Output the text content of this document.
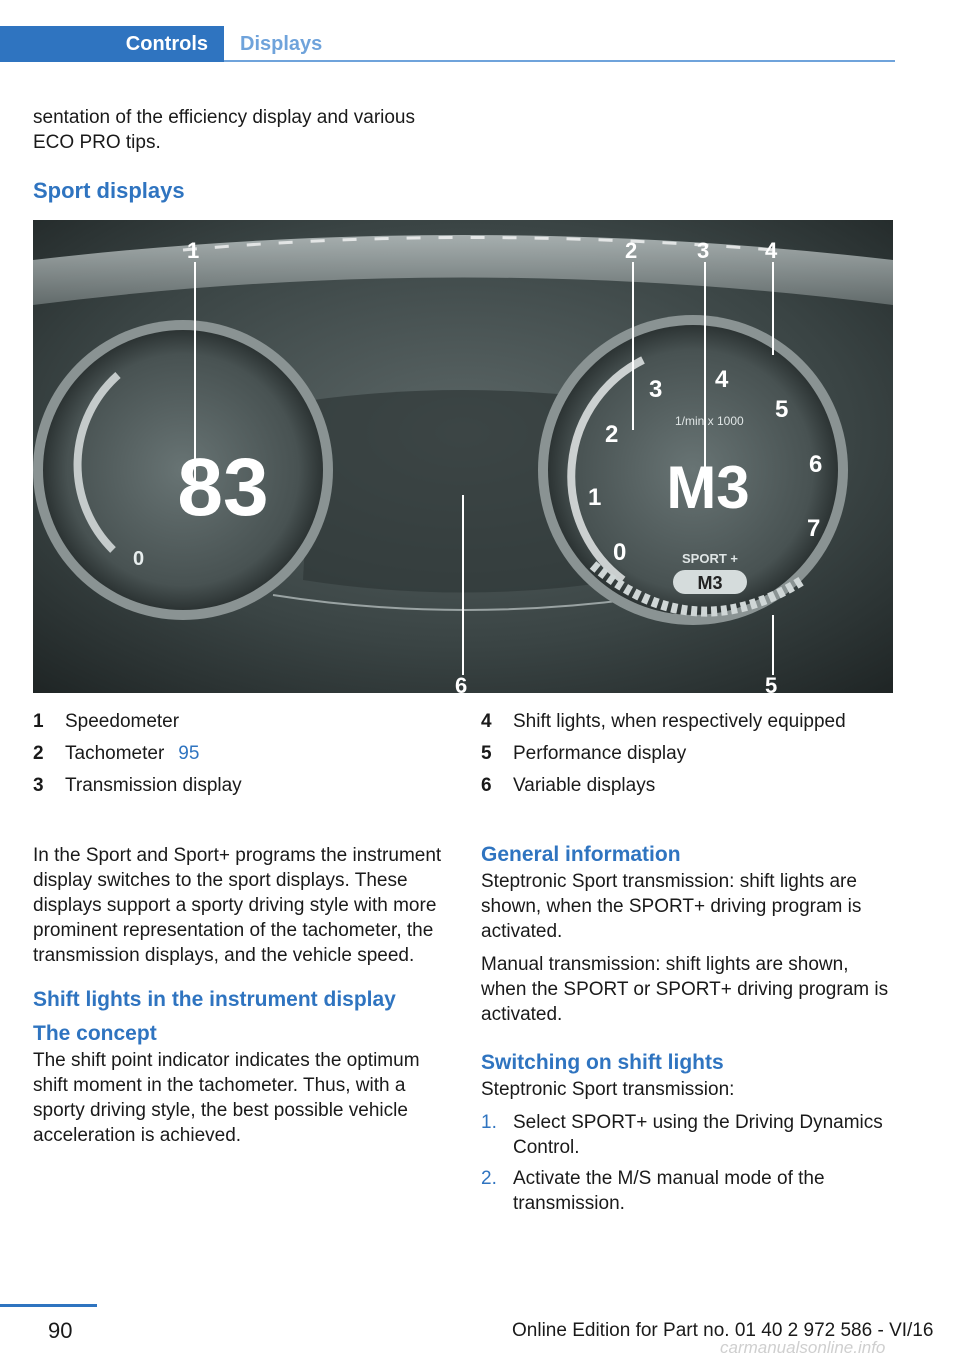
Controls	Displays

sentation of the efficiency display and various ECO PRO tips.

Sport displays
0
83
0
1
2
3 4
5
6
7
1/min x 1000
M3
SPORT +
M3
1	2	3	4
5
6
1	Speedometer
2	Tachometer 95
3	Transmission display
4	Shift lights, when respectively equipped
5	Performance display
6	Variable displays

In the Sport and Sport+ programs the instrument display switches to the sport displays. These displays support a sporty driving style with more prominent representation of the tachometer, the transmission displays, and the vehicle speed.

Shift lights in the instrument display
The concept

The shift point indicator indicates the optimum shift moment in the tachometer. Thus, with a sporty driving style, the best possible vehicle acceleration is achieved.

General information

Steptronic Sport transmission: shift lights are shown, when the SPORT+ driving program is activated.

Manual transmission: shift lights are shown, when the SPORT or SPORT+ driving program is activated.

Switching on shift lights

Steptronic Sport transmission:

1. Select SPORT+ using the Driving Dynamics Control.
2. Activate the M/S manual mode of the transmission.
90	Online Edition for Part no. 01 40 2 972 586 - VI/16
carmanualsonline.info
